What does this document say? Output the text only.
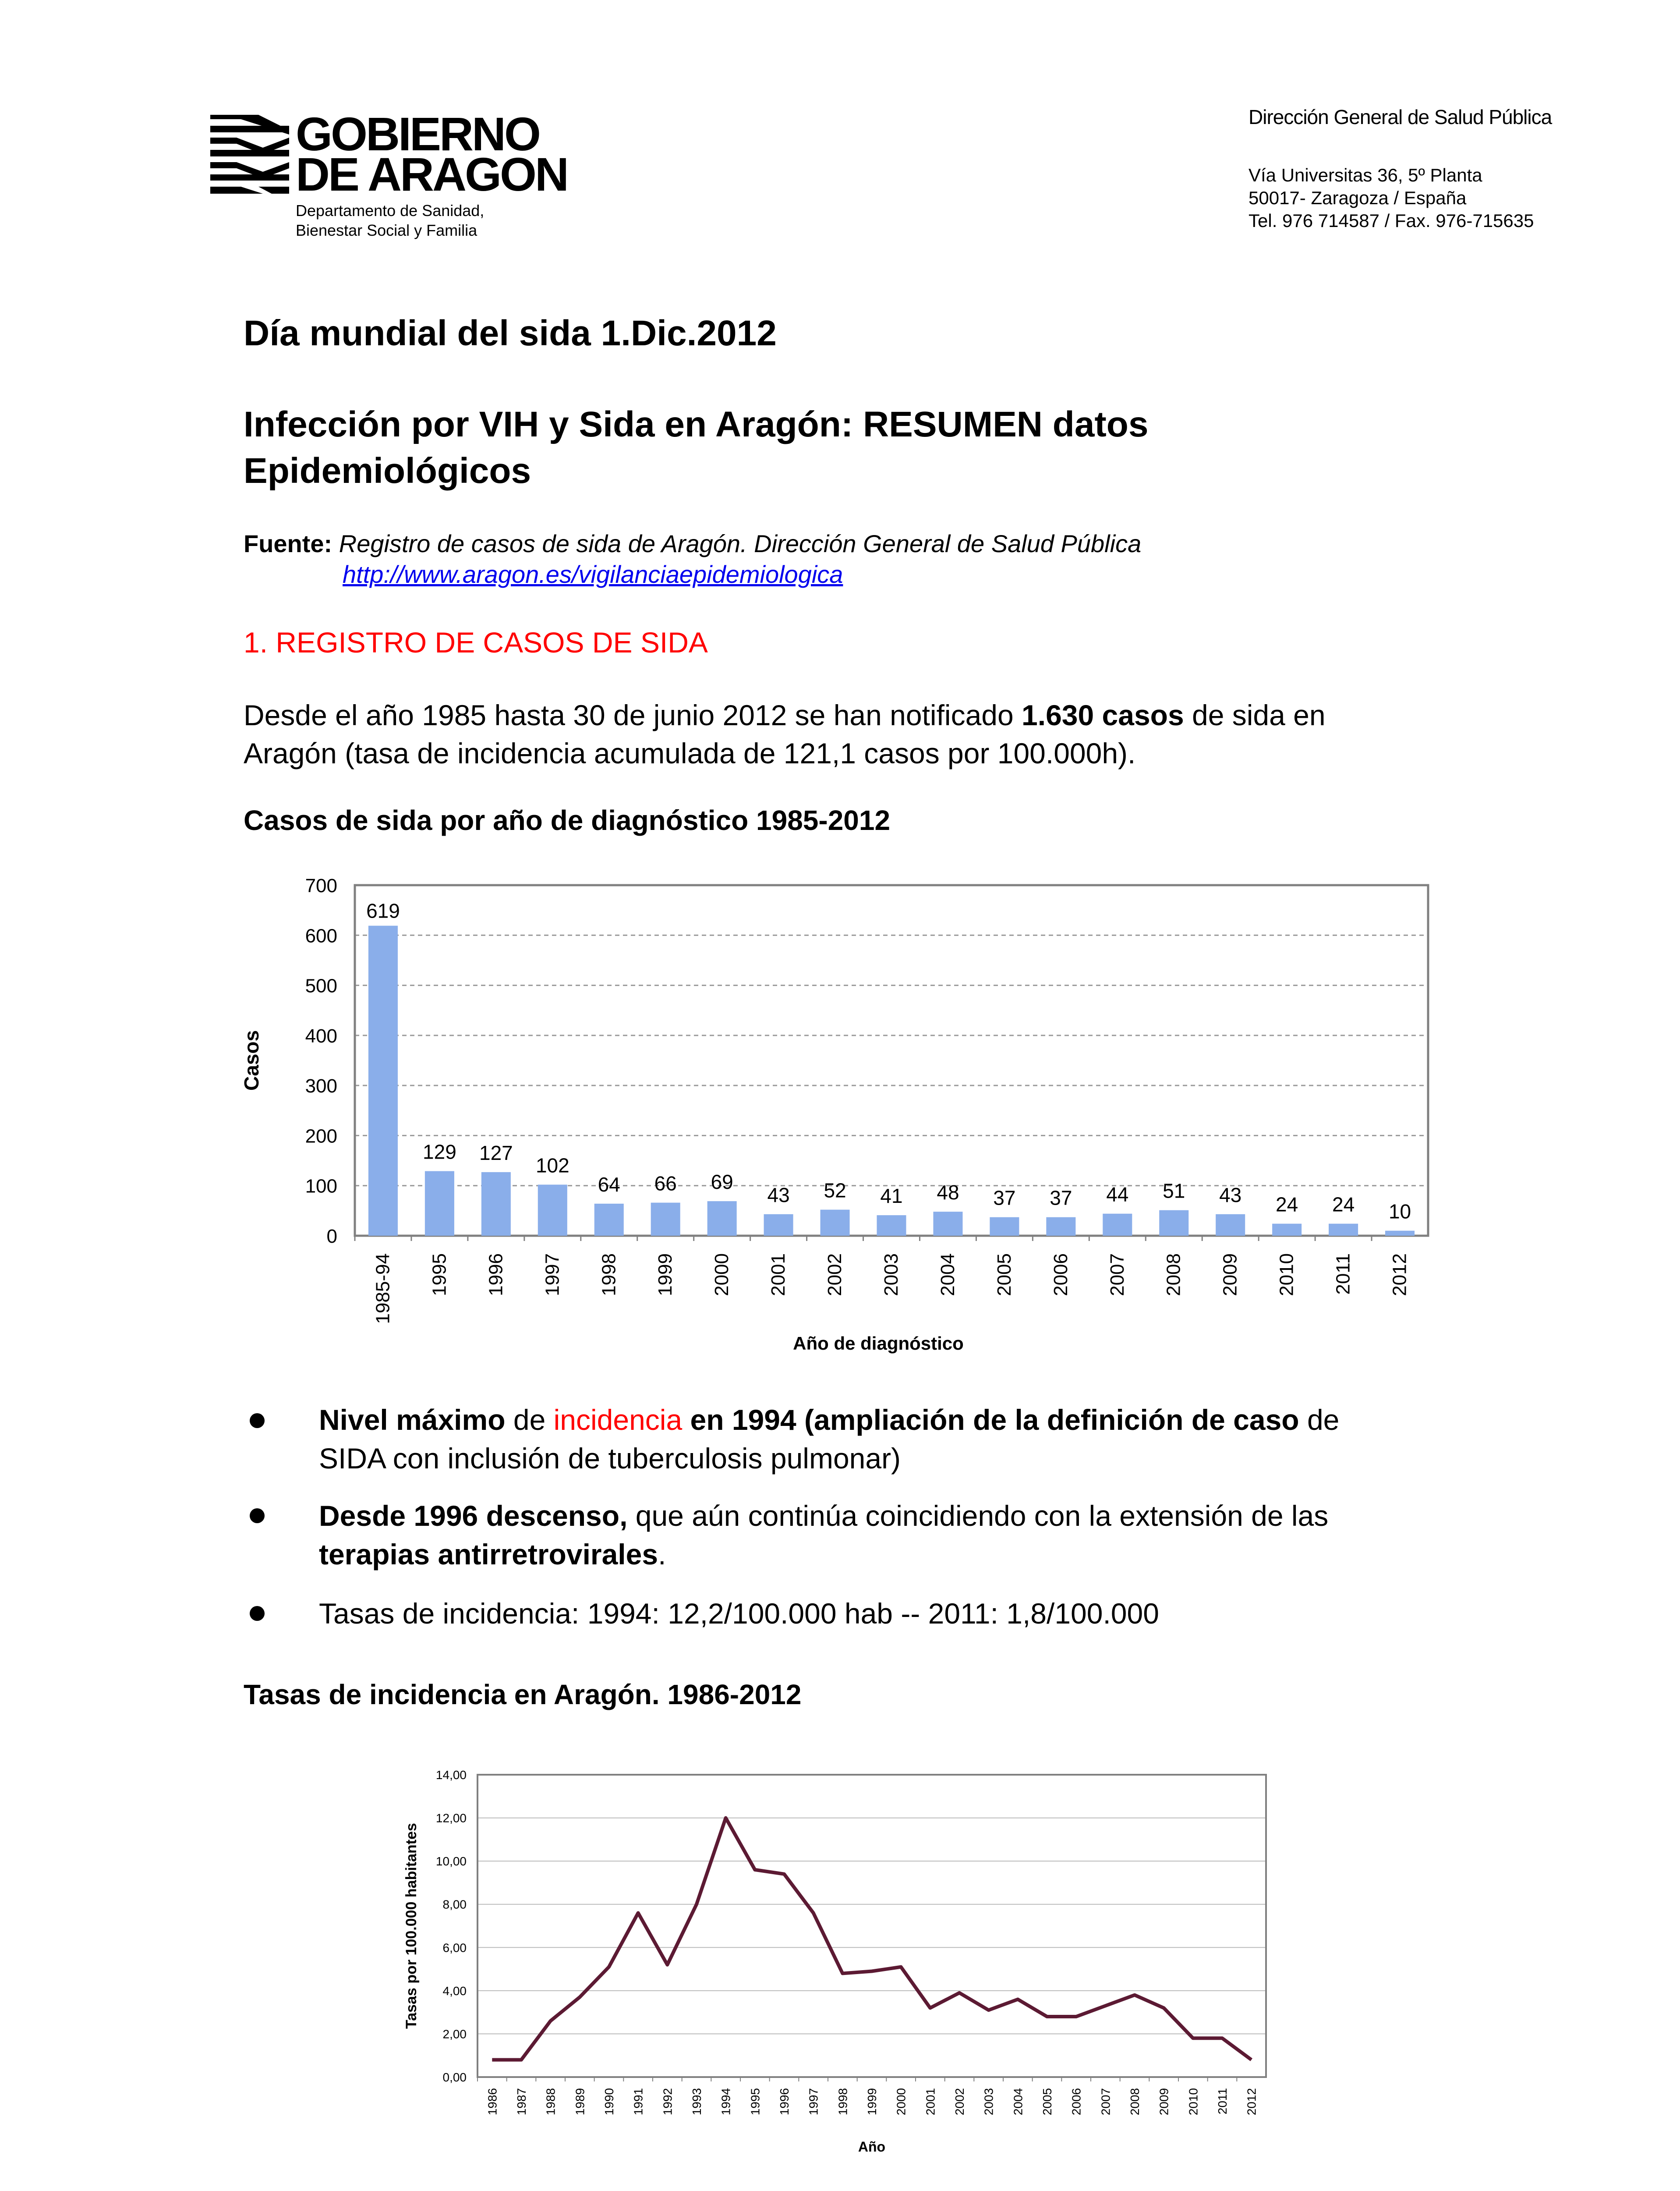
GOBIERNO
DE ARAGON
Departamento de Sanidad,
Bienestar Social y Familia
Dirección General de Salud Pública
Vía Universitas 36, 5º Planta
50017- Zaragoza / España
Tel. 976 714587 / Fax. 976-715635
Día mundial del sida 1.Dic.2012
Infección por VIH y Sida en Aragón: RESUMEN datos
Epidemiológicos
Fuente: Registro de casos de sida de Aragón. Dirección General de Salud Pública
http://www.aragon.es/vigilanciaepidemiologica
1. REGISTRO DE CASOS DE SIDA
Desde el año 1985 hasta 30 de junio 2012 se han notificado 1.630 casos de sida en
Aragón (tasa de incidencia acumulada de 121,1 casos por 100.000h).
Casos de sida por año de diagnóstico 1985-2012
0
100
200
300
400
500
600
700
619
1985-94
129
1995
127
1996
102
1997
64
1998
66
1999
69
2000
43
2001
52
2002
41
2003
48
2004
37
2005
37
2006
44
2007
51
2008
43
2009
24
2010
24
2011
10
2012
Casos
Año de diagnóstico
Nivel máximo de incidencia en 1994 (ampliación de la definición de caso de
SIDA con inclusión de tuberculosis pulmonar)
Desde 1996 descenso, que aún continúa coincidiendo con la extensión de las
terapias antirretrovirales.
Tasas de incidencia: 1994: 12,2/100.000 hab -- 2011: 1,8/100.000
Tasas de incidencia en Aragón. 1986-2012
0,00
2,00
4,00
6,00
8,00
10,00
12,00
14,00
1986 1987 1988 1989 1990 1991 1992 1993 1994 1995 1996 1997 1998 1999 2000 2001 2002 2003 2004 2005 2006 2007 2008 2009 2010 2011 2012
Tasas por 100.000 habitantes
Año
